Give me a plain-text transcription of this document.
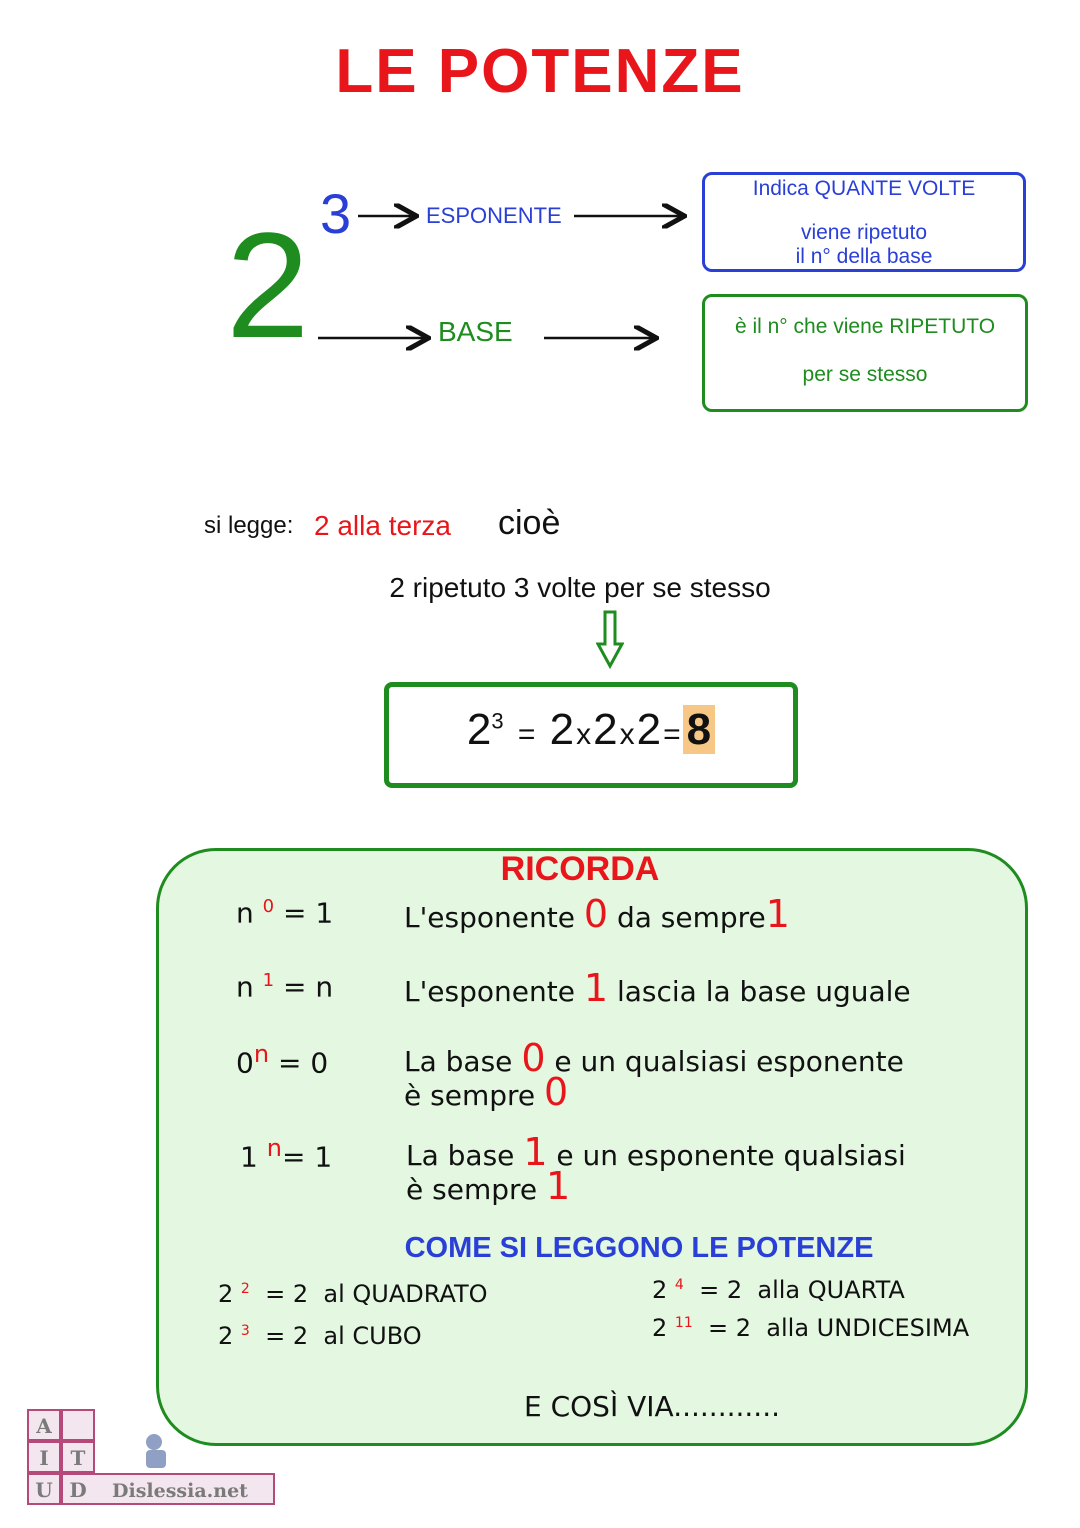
LE POTENZE
2 3	ESPONENTE
BASE
Indica QUANTE VOLTE
viene ripetuto
il n° della base
è il n° che viene RIPETUTO
per se stesso
si legge: 2 alla terza cioè
2 ripetuto 3 volte per se stesso
$2^3 = 2x2x2= 8$
RICORDA
n $^0$ = 1	L'esponente 0 da sempre1
n $^1$ = n	L'esponente 1 lascia la base uguale
0n = 0	La base 0 e un qualsiasi esponente
è sempre 0
1 n= 1	La base 1 e un esponente qualsiasi
è sempre 1
COME SI LEGGONO LE POTENZE
2 $^2$ = 2 al QUADRATO
2 $^3$ = 2 al CUBO
2 $^4$ = 2 alla QUARTA
2 $^{11}$ = 2 alla UNDICESIMA
E COSÌ VIA............
A
I T
U D Dislessia.net
